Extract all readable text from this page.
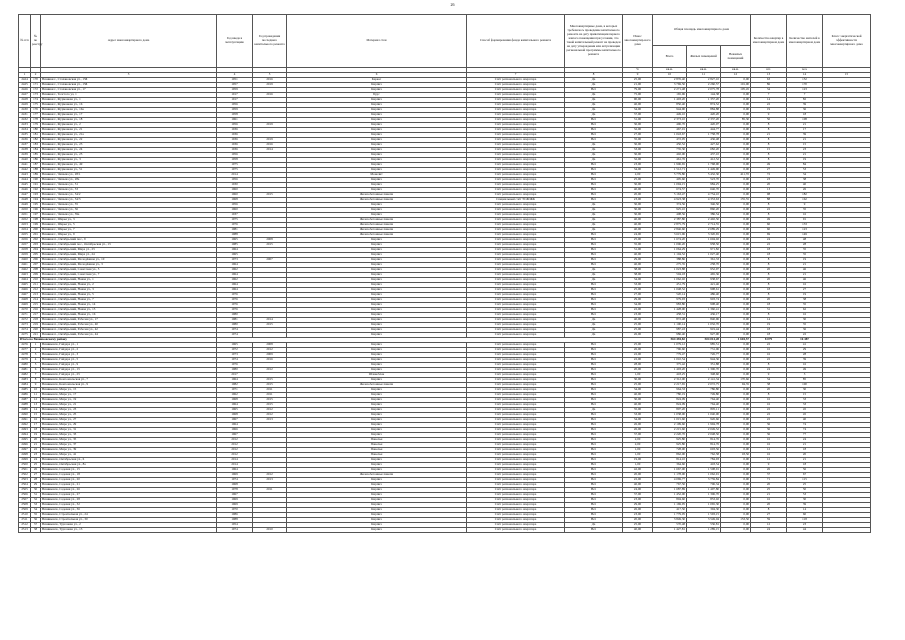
26
№ п/п	№ по реестру	Адрес многоквартирного дома	Год ввода в эксплуатацию	Год проведения последнего капитального ремонта	Материал стен	Способ формирования фонда капитального ремонта	Многоквартирные дома, в которых требовалось проведение капитального ремонта на дату приватизации первого жилого помещения при условии, что такой капитальный ремонт не проведен на дату утверждения или актуализации региональной программы капитального ремонта	Износ многоквартир-ного дома	Общая площадь многоквартирного дома			Количество квартир в многоквартирном доме	Количество жителей в многоквартирном доме	Класс энергетической эффективности многоквартирного дома
									Всего	Жилых помещений	Нежилых помещений			
								%	кв.м.	кв.м.	кв.м.	шт.	чел.	
1	2	3	4	5	6	7	8	9	10	11	12	13	14	15
2424	170	Вязники г., Стахановская ул., 15Б	1951	2016	Каркас	Счёт регионального оператора	Да	25,00	2 876,40	2 827,10	0,00	63	152	
2425	171	Вязники г., Стахановская ул., 15Б	1957	2019	Кирпич	Счёт регионального оператора	Да	21,00	3 769,50	2 260,57	101,00	86	170	
2426	172	Вязники г., Стахановская ул., 17	1959		Кирпич	Счёт регионального оператора	Нет	79,00	2 271,48	2 075,78	105,45	34	123	
2427	173	Вязники г., Толстого ул, 1	1917	2016	Брус	Счёт регионального оператора	Да	75,00	165,96	144,38	0,00	7	7	
2428	174	Вязники г., Фурманова ул., 1	1917		Кирпич	Счёт регионального оператора	Да	90,00	1 403,20	1 357,20	0,00	14	82	
2429	175	Вязники г., Фурманова ул., 16	1956		Кирпич	Счёт регионального оператора	Да	40,00	850,40	874,52	0,00	22	39	
2430	176	Вязники г., Фурманова ул., 16а	1959		Кирпич	Счёт регионального оператора	Да	34,00	944,90	884,88	0,00	19	36	
2431	177	Вязники г., Фурманова ул., 17	1958		Кирпич	Счёт регионального оператора	Да	37,00	449,10	420,20	0,00	9	18	
2432	178	Вязники г., Фурманова ул., 18	1961		Кирпич	Счёт регионального оператора	Нет	31,00	2 373,10	2 337,20	85,30	50	108	
2433	179	Вязники г., Фурманова ул., 2	1956	2019	Кирпич	Счёт регионального оператора	Нет	30,00	496,70	420,07	0,00	8	21	
2434	180	Вязники г., Фурманова ул., 21	1936		Кирпич	Счёт регионального оператора	Нет	32,00	467,01	444,77	0,00	8	17	
2435	181	Вязники г., Фурманова ул., 21а	1936		Кирпич	Счёт регионального оператора	Нет	27,00	1 043,67	1 758,78	0,00	21	39	
2436	182	Вязники г., Фурманова ул., 22	1936	2019	Кирпич	Счёт регионального оператора	Нет	35,00	472,05	436,48	0,00	8	21	
2437	183	Вязники г., Фурманова ул., 23	1936	2016	Кирпич	Счёт регионального оператора	Да	30,00	450,52	427,62	0,00	8	15	
2438	184	Вязники г., Фурманова ул., 24	1936	2014	Кирпич	Счёт регионального оператора	Да	33,00	735,30	682,20	0,00	15	23	
2439	185	Вязники г., Фурманова ул., 25	1956		Кирпич	Счёт регионального оператора	Да	30,00	402,00	437,10	0,00	8	21	
2440	186	Вязники г., Фурманова ул., 3	1958		Кирпич	Счёт регионального оператора	Да	32,00	461,76	412,52	0,00	8	19	
2441	187	Вязники г., Фурманова ул., 49	1975		Кирпич	Счёт регионального оператора	Нет	23,00	1 906,65	1 768,90	0,00	49	84	
2442	188	Вязники г., Фурманова ул., 51	1975		Кирпич	Счёт регионального оператора	Нет	34,00	1 512,71	1 449,90	0,00	27	53	
2443	189	Вязники г., Чапаева ул., 28/1	2014		Монолит	Счёт регионального оператора	Нет	2,00	5 779,80	5 432,30	411,70	72	34	
2444	190	Вязники г., Чапаева ул., 28а	1956		Кирпич	Счёт регионального оператора	Нет	25,00	405,60	523,70	0,00	23	38	
2445	191	Вязники г., Чапаева ул., 31	1930		Кирпич	Счёт регионального оператора	Нет	30,00	1 094,15	984,25	0,00	20	40	
2446	192	Вязники г., Чапаева ул., 33	1960		Кирпич	Счёт регионального оператора	Нет	40,00	674,57	646,70	0,00	13	26	
2447	193	Вязники г., Чапаева ул., 34/2	1960	2015	Железобетонные панели	Счёт регионального оператора	Нет	20,00	5 163,47	4 754,10	0,00	98	182	
2448	194	Вязники г., Чапаева ул., 34/3	1968		Железобетонные панели	Специальный счёт ТСЖ/ЖК	Нет	23,00	4 923,38	4 353,63	155,55	88	162	
2449	195	Вязники г., Чапаева ул., 35	1956		Кирпич	Счёт регионального оператора	Да	30,00	374,56	346,50	0,00	8	9	
2450	196	Вязники г., Чапаева ул., 36	1960		Кирпич	Счёт регионального оператора	Да	30,00	925,10	860,20	0,00	22	35	
2451	197	Вязники г., Чапаева ул., 39а	1937		Кирпич	Счёт регионального оператора	Да	30,00	408,56	386,54	0,00	8	16	
2452	198	Вязники г., Шарья ул., 3	1975		Железобетонные панели	Счёт регионального оператора	Да	40,00	2 387,80	2 492,50	0,00	49	91	
2453	199	Вязники г., Шарья ул., 5	1976		Железобетонные панели	Счёт регионального оператора	Да	40,00	2 875,79	2 714,55	0,00	60	133	
2454	200	Вязники г., Шарья ул., 7	1981		Железобетонные панели	Счёт регионального оператора	Да	40,00	2 846,60	2 689,29	0,00	60	123	
2455	201	Вязники г., Шарья ул., 9	1988		Железобетонные панели	Счёт регионального оператора	Нет	24,00	3 615,96	3 320,65	0,00	69	149	
2456	202	Вязники п., Октябрьский пос., 9	1965	2008	Кирпич	Счёт регионального оператора	Нет	25,00	1 674,20	1 604,02	0,00	24	48	
2457	203	Вязники п., Октябрьский пос., Октябрьская ул., 13	1985	2015	Кирпич	Счёт регионального оператора	Нет	35,00	1 006,20	958,50	0,00	22	28	
2458	204	Вязники п., Октябрьский, Мира ул., 23	1964		Кирпич	Счёт регионального оператора	Нет	31,00	1 064,29	971,82	0,00	18	35	
2459	205	Вязники п., Октябрьский, Мира ул., 24	1965		Кирпич	Счёт регионального оператора	Нет	40,00	1 104,52	1 027,40	0,00	18	35	
2460	206	Вязники п., Октябрьский, Молодёжная ул., 10	1973	2007	Кирпич	Счёт регионального оператора	Нет	29,00	388,86	361,33	0,00	8	19	
2461	207	Вязники п., Октябрьский, Молодёжная ул., 3	1964		Кирпич	Счёт регионального оператора	Нет	40,00	275,35	258,70	0,00	8	21	
2462	208	Вязники п., Октябрьский, Советская ул., 5	1962		Кирпич	Счёт регионального оператора	Да	38,00	1 023,88	952,97	0,00	20	46	
2463	209	Вязники п., Октябрьский, Советская ул., 7	1964		Кирпич	Счёт регионального оператора	Да	38,00	504,18	465,36	0,00	8	21	
2464	210	Вязники п., Октябрьский, Новая ул., 1	1962		Кирпич	Счёт регионального оператора	Да	34,00	1 062,02	938,67	0,00	20	46	
2465	211	Вязники п., Октябрьский, Новая ул., 2	1964		Кирпич	Счёт регионального оператора	Нет	33,00	451,79	421,46	0,00	8	16	
2466	212	Вязники п., Октябрьский, Новая ул., 3	1964		Кирпич	Счёт регионального оператора	Нет	25,00	1 048,52	998,61	0,00	18	27	
2467	213	Вязники п., Октябрьский, Новая ул., 5	1976		Кирпич	Счёт регионального оператора	Нет	27,00	520,14	486,40	0,00	8	19	
2468	214	Вязники п., Октябрьский, Новая ул., 7	1976		Кирпич	Счёт регионального оператора	Нет	29,00	979,93	903,74	0,00	20	38	
2469	215	Вязники п., Октябрьский, Новая ул., 14	1976		Кирпич	Счёт регионального оператора	Нет	34,00	983,80	908,40	0,00	18	35	
2470	216	Вязники п., Октябрьский, Новая ул., 15	1976		Кирпич	Счёт регионального оператора	Нет	22,00	1 428,00	1 360,41	0,00	31	62	
2471	217	Вязники п., Октябрьский, Новая ул., 16	1980		Кирпич	Счёт регионального оператора	Нет	23,00	458,31	436,17	0,00	8	16	
2472	218	Вязники п., Октябрьский, Рабочая ул., 17	1981	2014	Кирпич	Счёт регионального оператора	Да	40,00	872,48	840,96	0,00	14	30	
2473	219	Вязники п., Октябрьский, Рабочая ул., 40	1980	2015	Кирпич	Счёт регионального оператора	Да	25,00	1 100,14	1 032,70	0,00	19	35	
2474	220	Вязники п., Октябрьский, Рабочая ул., 42	1974		Кирпич	Счёт регионального оператора	Да	25,00	987,43	919,44	0,00	18	36	
2475	221	Вязники п., Октябрьский, Рабочая ул., 44	1974		Кирпич	Счёт регионального оператора	Да	26,00	986,40	927,00	0,00	18	22	
Итого по Вязниковскому району									564 494,82	504 014,28	1 604,57	8 079	16 487	
2476	1	Вязниковск, Гайдара ул., 1	1965	2008	Кирпич	Счёт регионального оператора	Нет	25,00	1 079,12	985,51	0,00	22	41	
2477	2	Вязниковск, Гайдара ул., 2	1972	2012	Кирпич	Счёт регионального оператора	Нет	26,00	796,60	731,06	0,00	16	29	
2478	3	Вязниковск, Гайдара ул., 3	1973	2009	Кирпич	Счёт регионального оператора	Нет	22,00	779,47	726,77	0,00	16	28	
2479	4	Вязниковск, Гайдара ул., 5	1974	2016	Кирпич	Счёт регионального оператора	Нет	22,00	1 010,54	944,36	0,00	22	39	
2480	5	Вязниковск, Гайдара ул., 9	1976		Кирпич	Счёт регионального оператора	Нет	28,00	375,42	351,88	0,00	8	16	
2481	6	Вязниковск, Гайдара ул., 13	1980	2012	Кирпич	Счёт регионального оператора	Нет	20,00	1 403,20	1 306,70	0,00	24	49	
2482	7	Вязниковск, Гайдара ул., 23	2017		Шлакоблок	Счёт регионального оператора	Нет	1,00	418,25	348,60	0,00	9	3	
2483	8	Вязниковск, Комсомольская ул., 7	1964	2015	Кирпич	Счёт регионального оператора	Нет	30,00	2 312,00	2 141,34	170,66	34	85	
2484	9	Вязниковск, Комсомольская ул., 9	1982	2015	Железобетонные панели	Счёт регионального оператора	Нет	25,00	2 217,65	2 072,75	94,35	38	100	
2485	10	Вязниковск, Мира ул., 15	1971	2011	Кирпич	Счёт регионального оператора	Нет	34,00	964,33	786,80	0,00	20	30	
2486	11	Вязниковск, Мира ул., 17	1962	2011	Кирпич	Счёт регионального оператора	Нет	40,00	780,19	749,80	0,00	8	15	
2487	12	Вязниковск, Мира ул., 19	1968	2015	Кирпич	Счёт регионального оператора	Нет	30,00	824,09	764,40	0,00	16	33	
2488	13	Вязниковск, Мира ул., 21	1964	2015	Кирпич	Счёт регионального оператора	Нет	40,00	824,09	764,40	0,00	16	33	
2489	14	Вязниковск, Мира ул., 23	1965	2012	Кирпич	Счёт регионального оператора	Да	35,00	807,20	805,11	0,00	22	45	
2490	15	Вязниковск, Мира ул., 25	1968	2012	Кирпич	Счёт регионального оператора	Нет	33,00	1 038,00	1 040,00	0,00	22	45	
2491	16	Вязниковск, Мира ул., 27	1967	2013	Кирпич	Счёт регионального оператора	Нет	34,00	1 015,60	926,66	0,00	22	40	
2492	17	Вязниковск, Мира ул., 29	1964		Кирпич	Счёт регионального оператора	Нет	26,00	2 199,60	1 994,78	0,00	36	74	
2493	18	Вязниковск, Мира ул., 31	1966		Кирпич	Счёт регионального оператора	Нет	26,00	2 215,60	2 049,52	0,00	36	74	
2494	19	Вязниковск, Мира ул., 33	1967		Кирпич	Счёт регионального оператора	Нет	37,00	2 220,70	2 048,50	0,00	36	77	
2495	20	Вязниковск, Мира ул., 35	2012		Панельн	Счёт регионального оператора	Нет	2,00	925,80	814,76	0,00	16	24	
2496	21	Вязниковск, Мира ул., 37	2012		Панельн	Счёт регионального оператора	Нет	2,00	925,80	814,76	0,00	16	21	
2497	22	Вязниковск, Мира ул., 39	2012		Панельн	Счёт регионального оператора	Нет	1,00	728,00	603,56	0,00	12	18	
2498	23	Вязниковск, Мира ул., 41	2012		Панельн	Счёт регионального оператора	Нет	1,00	862,00	762,58	18,50	16	20	
2499	24	Вязниковск, Октябрьская ул., 6	2014		Кирпич	Счёт регионального оператора	Нет	19,00	814,10	784,93	0,00	12	21	
2500	25	Вязниковск, Октябрьская ул., 8а	2014		Кирпич	Счёт регионального оператора	Нет	1,00	364,60	418,54	0,00	9	18	
2501	26	Вязниковск, Садовая ул., 15	1964		Кирпич	Счёт регионального оператора	Нет	42,00	1 667,00	1 508,91	0,00	26	56	
2502	27	Вязниковск, Садовая ул., 18	1969	2012	Железобетонные панели	Счёт регионального оператора	Нет	20,00	1 178,00	1 062,91	0,00	37	67	
2503	28	Вязниковск, Садовая ул., 20	1974	2013	Кирпич	Счёт регионального оператора	Нет	22,00	4 069,77	3 759,84	0,00	71	115	
2504	29	Вязниковск, Садовая ул., 21	1968		Кирпич	Счёт регионального оператора	Нет	40,00	767,50	706,34	0,00	20	25	
2505	30	Вязниковск, Садовая ул., 26	1978	2011	Кирпич	Счёт регионального оператора	Нет	24,00	1 687,89	1 497,80	0,00	25	50	
2506	31	Вязниковск, Садовая ул., 27	1967		Кирпич	Счёт регионального оператора	Нет	37,00	1 452,00	1 306,70	0,00	21	53	
2507	32	Вязниковск, Садовая ул., 28	1969		Кирпич	Счёт регионального оператора	Нет	23,00	804,60	853,02	0,00	16	30	
2508	33	Вязниковск, Садовая ул., 32	1969		Кирпич	Счёт регионального оператора	Нет	29,00	1 169,95	1 065,30	0,00	20	39	
2509	34	Вязниковск, Садовая ул., 36	1970		Кирпич	Счёт регионального оператора	Нет	26,00	417,50	394,30	0,00	8	14	
2510	35	Вязниковск, Строительная ул., 24	1986		Кирпич	Счёт регионального оператора	Нет	23,00	1 779,05	1 593,15	0,00	27	60	
2511	36	Вязниковск, Строительная ул., 30	1988		Кирпич	Счёт регионального оператора	Нет	20,00	3 849,30	3 549,04	153,50	59	118	
2512	37	Вязниковск, Тургенева ул., 2	1954		Кирпич	Счёт регионального оператора	Да	25,00	570,48	536,81	0,00	12	23	
2513	38	Вязниковск, Тургенева ул., 13	1974	2010	Кирпич	Счёт регионального оператора	Нет	40,00	1 427,81	1 289,15	0,00	24	44	
